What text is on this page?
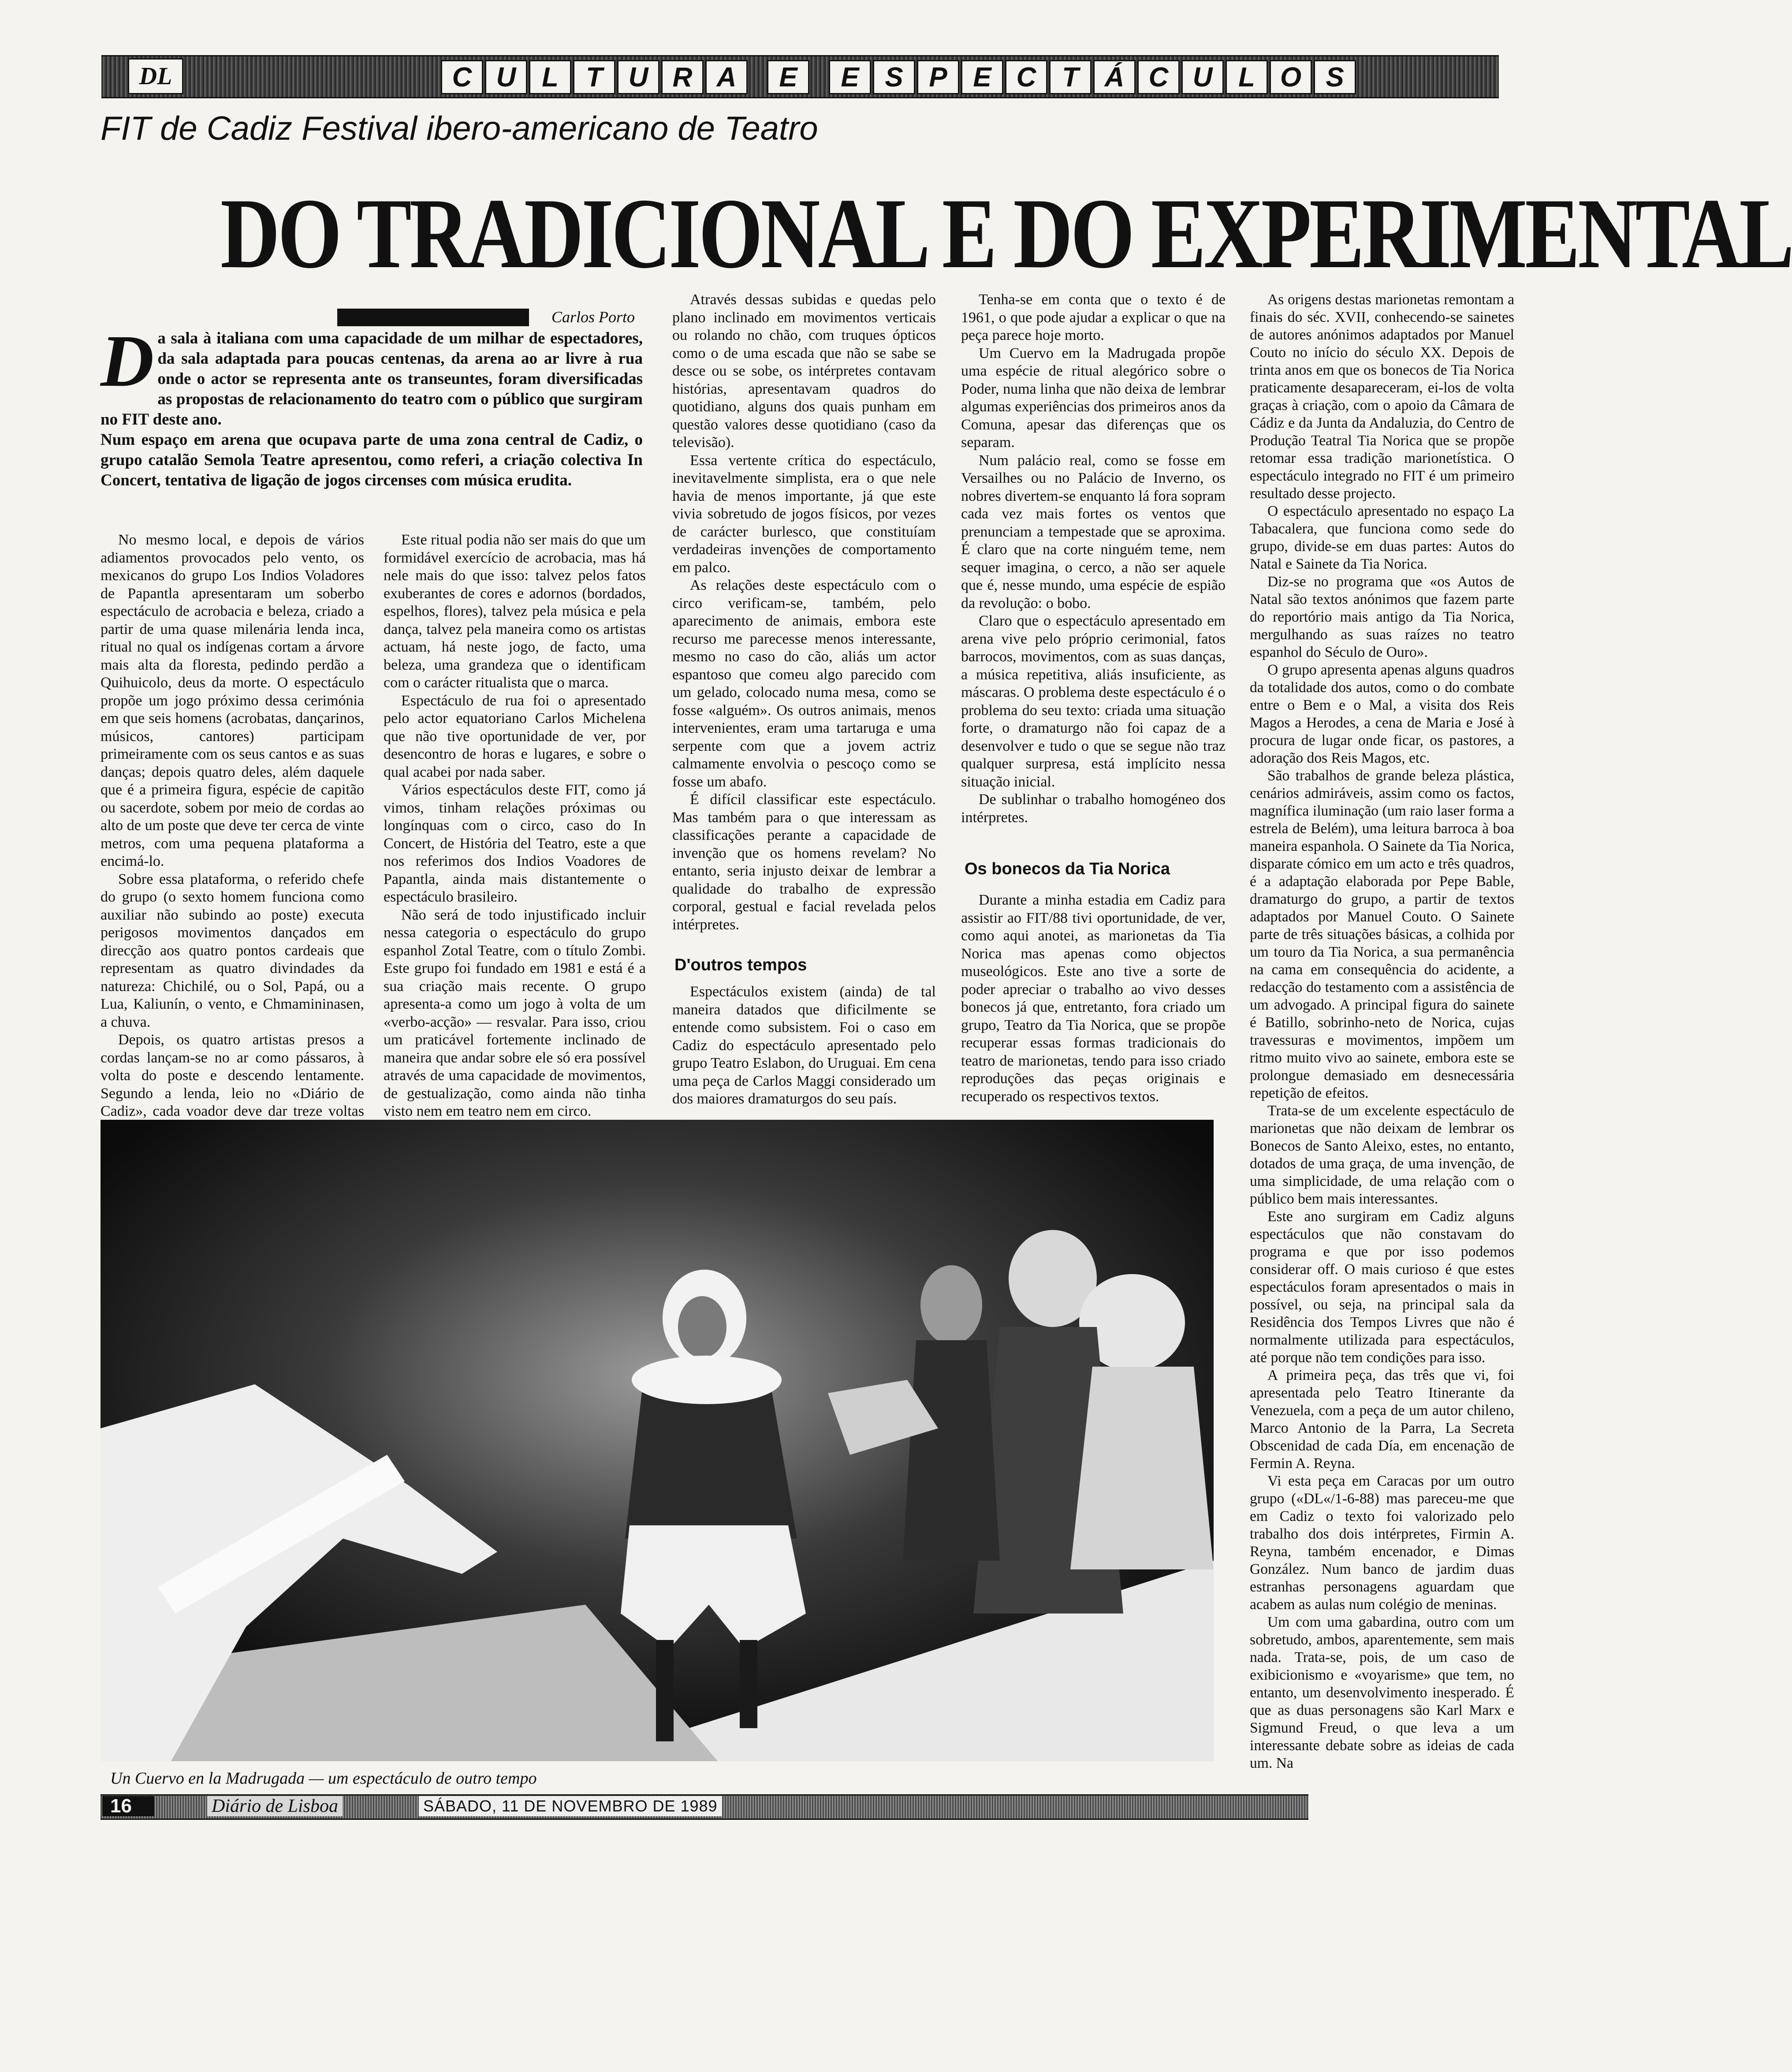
DL	C U L	T U R A	E	E S P E C T Á C U L O S
FIT de Cadiz Festival ibero-americano de Teatro
DO TRADICIONAL E DO EXPERIMENTAL
Carlos Porto
D a sala à italiana com uma capacidade de um milhar de espectadores, da sala adaptada para poucas centenas, da arena ao ar livre à rua onde o actor se representa ante os transeuntes, foram diversificadas as propostas de relacionamento do teatro com o público que surgiram no FIT deste ano.
Num espaço em arena que ocupava parte de uma zona central de Cadiz, o grupo catalão Semola Teatre apresentou, como referi, a criação colectiva In Concert, tentativa de ligação de jogos circenses com música erudita.

No mesmo local, e depois de vários adiamentos provocados pelo vento, os mexicanos do grupo Los Indios Voladores de Papantla apresentaram um soberbo espectáculo de acrobacia e beleza, criado a partir de uma quase milenária lenda inca, ritual no qual os indígenas cortam a árvore mais alta da floresta, pedindo perdão a Quihuicolo, deus da morte. O espectáculo propõe um jogo próximo dessa cerimónia em que seis homens (acrobatas, dançarinos, músicos, cantores) participam primeiramente com os seus cantos e as suas danças; depois quatro deles, além daquele que é a primeira figura, espécie de capitão ou sacerdote, sobem por meio de cordas ao alto de um poste que deve ter cerca de vinte metros, com uma pequena plataforma a encimá-lo.

Sobre essa plataforma, o referido chefe do grupo (o sexto homem funciona como auxiliar não subindo ao poste) executa perigosos movimentos dançados em direcção aos quatro pontos cardeais que representam as quatro divindades da natureza: Chichilé, ou o Sol, Papá, ou a Lua, Kaliunín, o vento, e Chmamininasen, a chuva.

Depois, os quatro artistas presos a cordas lançam-se no ar como pássaros, à volta do poste e descendo lentamente. Segundo a lenda, leio no «Diário de Cadiz», cada voador deve dar treze voltas

Este ritual podia não ser mais do que um formidável exercício de acrobacia, mas há nele mais do que isso: talvez pelos fatos exuberantes de cores e adornos (bordados, espelhos, flores), talvez pela música e pela dança, talvez pela maneira como os artistas actuam, há neste jogo, de facto, uma beleza, uma grandeza que o identificam com o carácter ritualista que o marca.

Espectáculo de rua foi o apresentado pelo actor equatoriano Carlos Michelena que não tive oportunidade de ver, por desencontro de horas e lugares, e sobre o qual acabei por nada saber.

Vários espectáculos deste FIT, como já vimos, tinham relações próximas ou longínquas com o circo, caso do In Concert, de História del Teatro, este a que nos referimos dos Indios Voadores de Papantla, ainda mais distantemente o espectáculo brasileiro.

Não será de todo injustificado incluir nessa categoria o espectáculo do grupo espanhol Zotal Teatre, com o título Zombi. Este grupo foi fundado em 1981 e está é a sua criação mais recente. O grupo apresenta-a como um jogo à volta de um «verbo-acção» — resvalar. Para isso, criou um praticável fortemente inclinado de maneira que andar sobre ele só era possível através de uma capacidade de movimentos, de gestualização, como ainda não tinha visto nem em teatro nem em circo.

Através dessas subidas e quedas pelo plano inclinado em movimentos verticais ou rolando no chão, com truques ópticos como o de uma escada que não se sabe se desce ou se sobe, os intérpretes contavam histórias, apresentavam quadros do quotidiano, alguns dos quais punham em questão valores desse quotidiano (caso da televisão).

Essa vertente crítica do espectáculo, inevitavelmente simplista, era o que nele havia de menos importante, já que este vivia sobretudo de jogos físicos, por vezes de carácter burlesco, que constituíam verdadeiras invenções de comportamento em palco.

As relações deste espectáculo com o circo verificam-se, também, pelo aparecimento de animais, embora este recurso me parecesse menos interessante, mesmo no caso do cão, aliás um actor espantoso que comeu algo parecido com um gelado, colocado numa mesa, como se fosse «alguém». Os outros animais, menos intervenientes, eram uma tartaruga e uma serpente com que a jovem actriz calmamente envolvia o pescoço como se fosse um abafo.

É difícil classificar este espectáculo. Mas também para o que interessam as classificações perante a capacidade de invenção que os homens revelam? No entanto, seria injusto deixar de lembrar a qualidade do trabalho de expressão corporal, gestual e facial revelada pelos intérpretes.

D'outros tempos

Espectáculos existem (ainda) de tal maneira datados que dificilmente se entende como subsistem. Foi o caso em Cadiz do espectáculo apresentado pelo grupo Teatro Eslabon, do Uruguai. Em cena uma peça de Carlos Maggi considerado um dos maiores dramaturgos do seu país.

Tenha-se em conta que o texto é de 1961, o que pode ajudar a explicar o que na peça parece hoje morto.

Um Cuervo em la Madrugada propõe uma espécie de ritual alegórico sobre o Poder, numa linha que não deixa de lembrar algumas experiências dos primeiros anos da Comuna, apesar das diferenças que os separam.

Num palácio real, como se fosse em Versailhes ou no Palácio de Inverno, os nobres divertem-se enquanto lá fora sopram cada vez mais fortes os ventos que prenunciam a tempestade que se aproxima. É claro que na corte ninguém teme, nem sequer imagina, o cerco, a não ser aquele que é, nesse mundo, uma espécie de espião da revolução: o bobo.

Claro que o espectáculo apresentado em arena vive pelo próprio cerimonial, fatos barrocos, movimentos, com as suas danças, a música repetitiva, aliás insuficiente, as máscaras. O problema deste espectáculo é o problema do seu texto: criada uma situação forte, o dramaturgo não foi capaz de a desenvolver e tudo o que se segue não traz qualquer surpresa, está implícito nessa situação inicial.

De sublinhar o trabalho homogéneo dos intérpretes.

Os bonecos da Tia Norica

Durante a minha estadia em Cadiz para assistir ao FIT/88 tivi oportunidade, de ver, como aqui anotei, as marionetas da Tia Norica mas apenas como objectos museológicos. Este ano tive a sorte de poder apreciar o trabalho ao vivo desses bonecos já que, entretanto, fora criado um grupo, Teatro da Tia Norica, que se propõe recuperar essas formas tradicionais do teatro de marionetas, tendo para isso criado reproduções das peças originais e recuperado os respectivos textos.

As origens destas marionetas remontam a finais do séc. XVII, conhecendo-se sainetes de autores anónimos adaptados por Manuel Couto no início do século XX. Depois de trinta anos em que os bonecos de Tia Norica praticamente desapareceram, ei-los de volta graças à criação, com o apoio da Câmara de Cádiz e da Junta da Andaluzia, do Centro de Produção Teatral Tia Norica que se propõe retomar essa tradição marionetística. O espectáculo integrado no FIT é um primeiro resultado desse projecto.

O espectáculo apresentado no espaço La Tabacalera, que funciona como sede do grupo, divide-se em duas partes: Autos do Natal e Sainete da Tia Norica.

Diz-se no programa que «os Autos de Natal são textos anónimos que fazem parte do reportório mais antigo da Tia Norica, mergulhando as suas raízes no teatro espanhol do Século de Ouro».

O grupo apresenta apenas alguns quadros da totalidade dos autos, como o do combate entre o Bem e o Mal, a visita dos Reis Magos a Herodes, a cena de Maria e José à procura de lugar onde ficar, os pastores, a adoração dos Reis Magos, etc.

São trabalhos de grande beleza plástica, cenários admiráveis, assim como os factos, magnífica iluminação (um raio laser forma a estrela de Belém), uma leitura barroca à boa maneira espanhola. O Sainete da Tia Norica, disparate cómico em um acto e três quadros, é a adaptação elaborada por Pepe Bable, dramaturgo do grupo, a partir de textos adaptados por Manuel Couto. O Sainete parte de três situações básicas, a colhida por um touro da Tia Norica, a sua permanência na cama em consequência do acidente, a redacção do testamento com a assistência de um advogado. A principal figura do sainete é Batillo, sobrinho-neto de Norica, cujas travessuras e movimentos, impõem um ritmo muito vivo ao sainete, embora este se prolongue demasiado em desnecessária repetição de efeitos.

Trata-se de um excelente espectáculo de marionetas que não deixam de lembrar os Bonecos de Santo Aleixo, estes, no entanto, dotados de uma graça, de uma invenção, de uma simplicidade, de uma relação com o público bem mais interessantes.

Este ano surgiram em Cadiz alguns espectáculos que não constavam do programa e que por isso podemos considerar off. O mais curioso é que estes espectáculos foram apresentados o mais in possível, ou seja, na principal sala da Residência dos Tempos Livres que não é normalmente utilizada para espectáculos, até porque não tem condições para isso.

A primeira peça, das três que vi, foi apresentada pelo Teatro Itinerante da Venezuela, com a peça de um autor chileno, Marco Antonio de la Parra, La Secreta Obscenidad de cada Día, em encenação de Fermin A. Reyna.

Vi esta peça em Caracas por um outro grupo («DL«/1-6-88) mas pareceu-me que em Cadiz o texto foi valorizado pelo trabalho dos dois intérpretes, Firmin A. Reyna, também encenador, e Dimas González. Num banco de jardim duas estranhas personagens aguardam que acabem as aulas num colégio de meninas.

Um com uma gabardina, outro com um sobretudo, ambos, aparentemente, sem mais nada. Trata-se, pois, de um caso de exibicionismo e «voyarisme» que tem, no entanto, um desenvolvimento inesperado. É que as duas personagens são Karl Marx e Sigmund Freud, o que leva a um interessante debate sobre as ideias de cada um. Na

Un Cuervo en la Madrugada — um espectáculo de outro tempo
16	Diário de Lisboa	SÁBADO, 11 DE NOVEMBRO DE 1989
